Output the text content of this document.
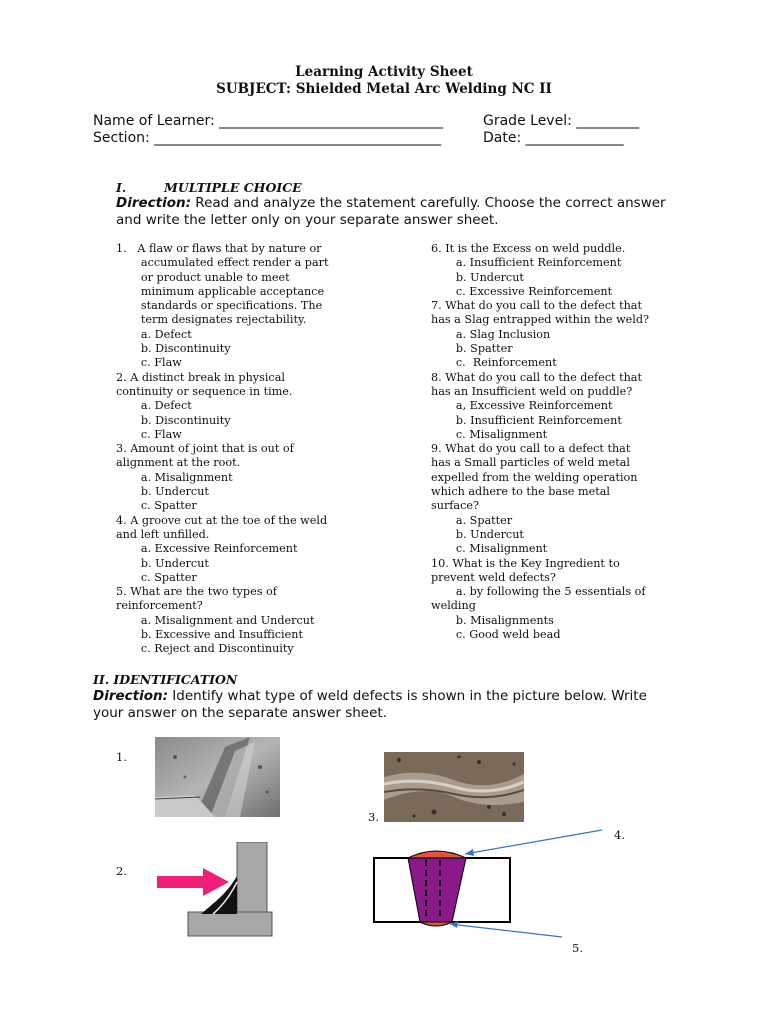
Learning Activity Sheet
SUBJECT: Shielded Metal Arc Welding NC II
Name of Learner: ________________________________	Grade Level: _________
Section: _________________________________________	Date: ______________
I.	MULTIPLE CHOICE
Direction: Read and analyze the statement carefully. Choose the correct answer
and write the letter only on your separate answer sheet.
1.   A flaw or flaws that by nature or
accumulated effect render a part
or product unable to meet
minimum applicable acceptance
standards or specifications. The
term designates rejectability.
a. Defect
b. Discontinuity
c. Flaw
2. A distinct break in physical
continuity or sequence in time.
a. Defect
b. Discontinuity
c. Flaw
3. Amount of joint that is out of
alignment at the root.
a. Misalignment
b. Undercut
c. Spatter
4. A groove cut at the toe of the weld
and left unfilled.
a. Excessive Reinforcement
b. Undercut
c. Spatter
5. What are the two types of
reinforcement?
a. Misalignment and Undercut
b. Excessive and Insufficient
c. Reject and Discontinuity
6. It is the Excess on weld puddle.
a. Insufficient Reinforcement
b. Undercut
c. Excessive Reinforcement
7. What do you call to the defect that
has a Slag entrapped within the weld?
a. Slag Inclusion
b. Spatter
c.  Reinforcement
8. What do you call to the defect that
has an Insufficient weld on puddle?
a, Excessive Reinforcement
b. Insufficient Reinforcement
c. Misalignment
9. What do you call to a defect that
has a Small particles of weld metal
expelled from the welding operation
which adhere to the base metal
surface?
a. Spatter
b. Undercut
c. Misalignment
10. What is the Key Ingredient to
prevent weld defects?
a. by following the 5 essentials of
welding
b. Misalignments
c. Good weld bead
II. IDENTIFICATION
Direction: Identify what type of weld defects is shown in the picture below. Write
your answer on the separate answer sheet.
1.
2.
3.
4.
5.
